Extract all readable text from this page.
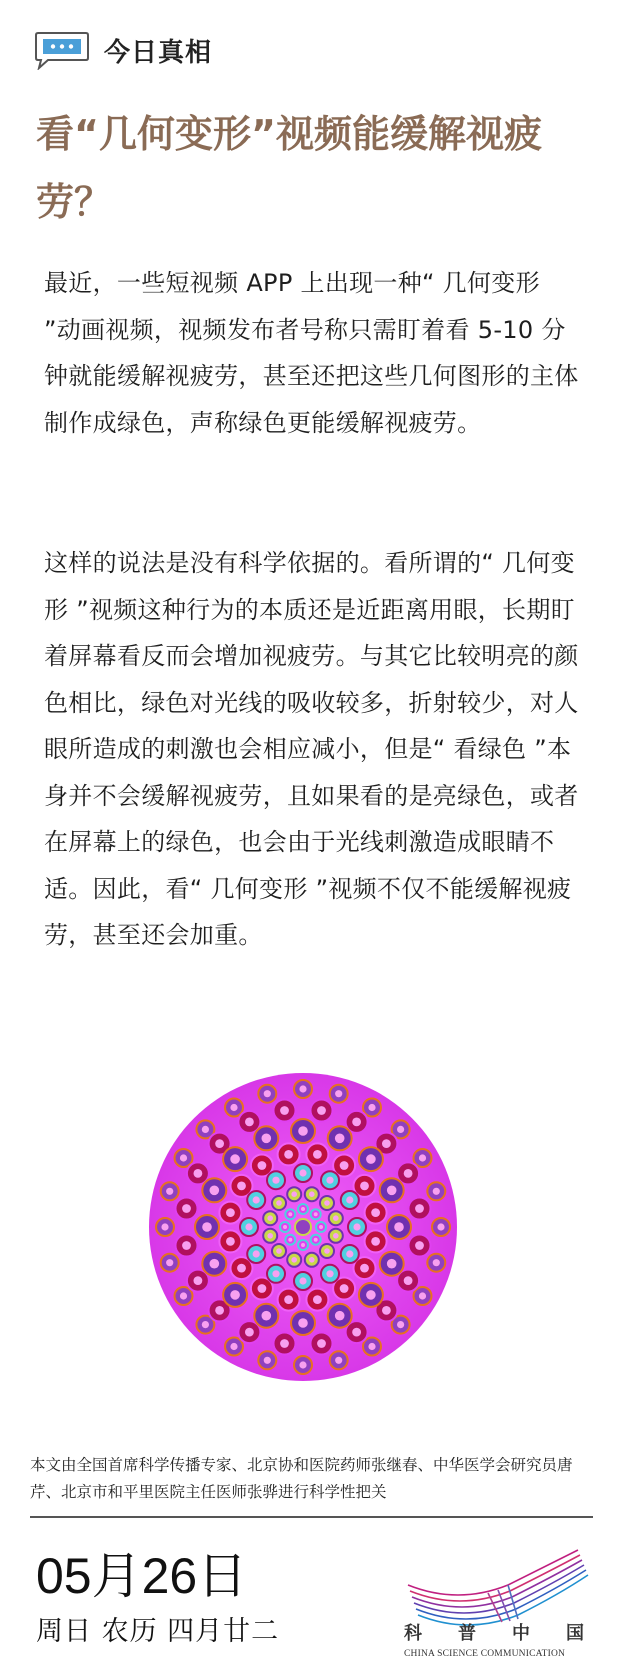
今日真相
看“几何变形”视频能缓解视疲劳？

最近，一些短视频 APP 上出现一种“ 几何变形 ”动画视频，视频发布者号称只需盯着看 5-10 分钟就能缓解视疲劳，甚至还把这些几何图形的主体制作成绿色，声称绿色更能缓解视疲劳。

这样的说法是没有科学依据的。看所谓的“ 几何变形 ”视频这种行为的本质还是近距离用眼，长期盯着屏幕看反而会增加视疲劳。与其它比较明亮的颜色相比，绿色对光线的吸收较多，折射较少，对人眼所造成的刺激也会相应减小，但是“ 看绿色 ”本身并不会缓解视疲劳，且如果看的是亮绿色，或者在屏幕上的绿色，也会由于光线刺激造成眼睛不适。因此，看“ 几何变形 ”视频不仅不能缓解视疲劳，甚至还会加重。

本文由全国首席科学传播专家、北京协和医院药师张继春、中华医学会研究员唐芹、北京市和平里医院主任医师张骅进行科学性把关

05月26日
周日 农历 四月廿二	科 普 中 国
CHINA SCIENCE COMMUNICATION
